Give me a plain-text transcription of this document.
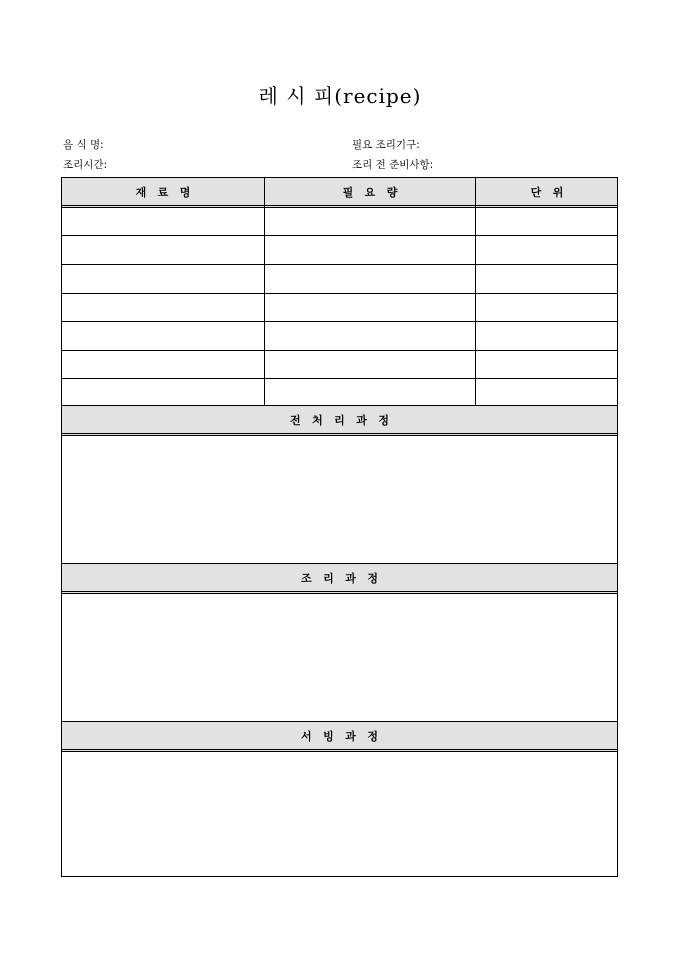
레 시 피(recipe)
음 식 명:
조리시간:
필요 조리기구:
조리 전 준비사항:
재   료   명	필   요   량	단   위
전   처   리   과   정
조   리   과   정
서   빙   과   정
